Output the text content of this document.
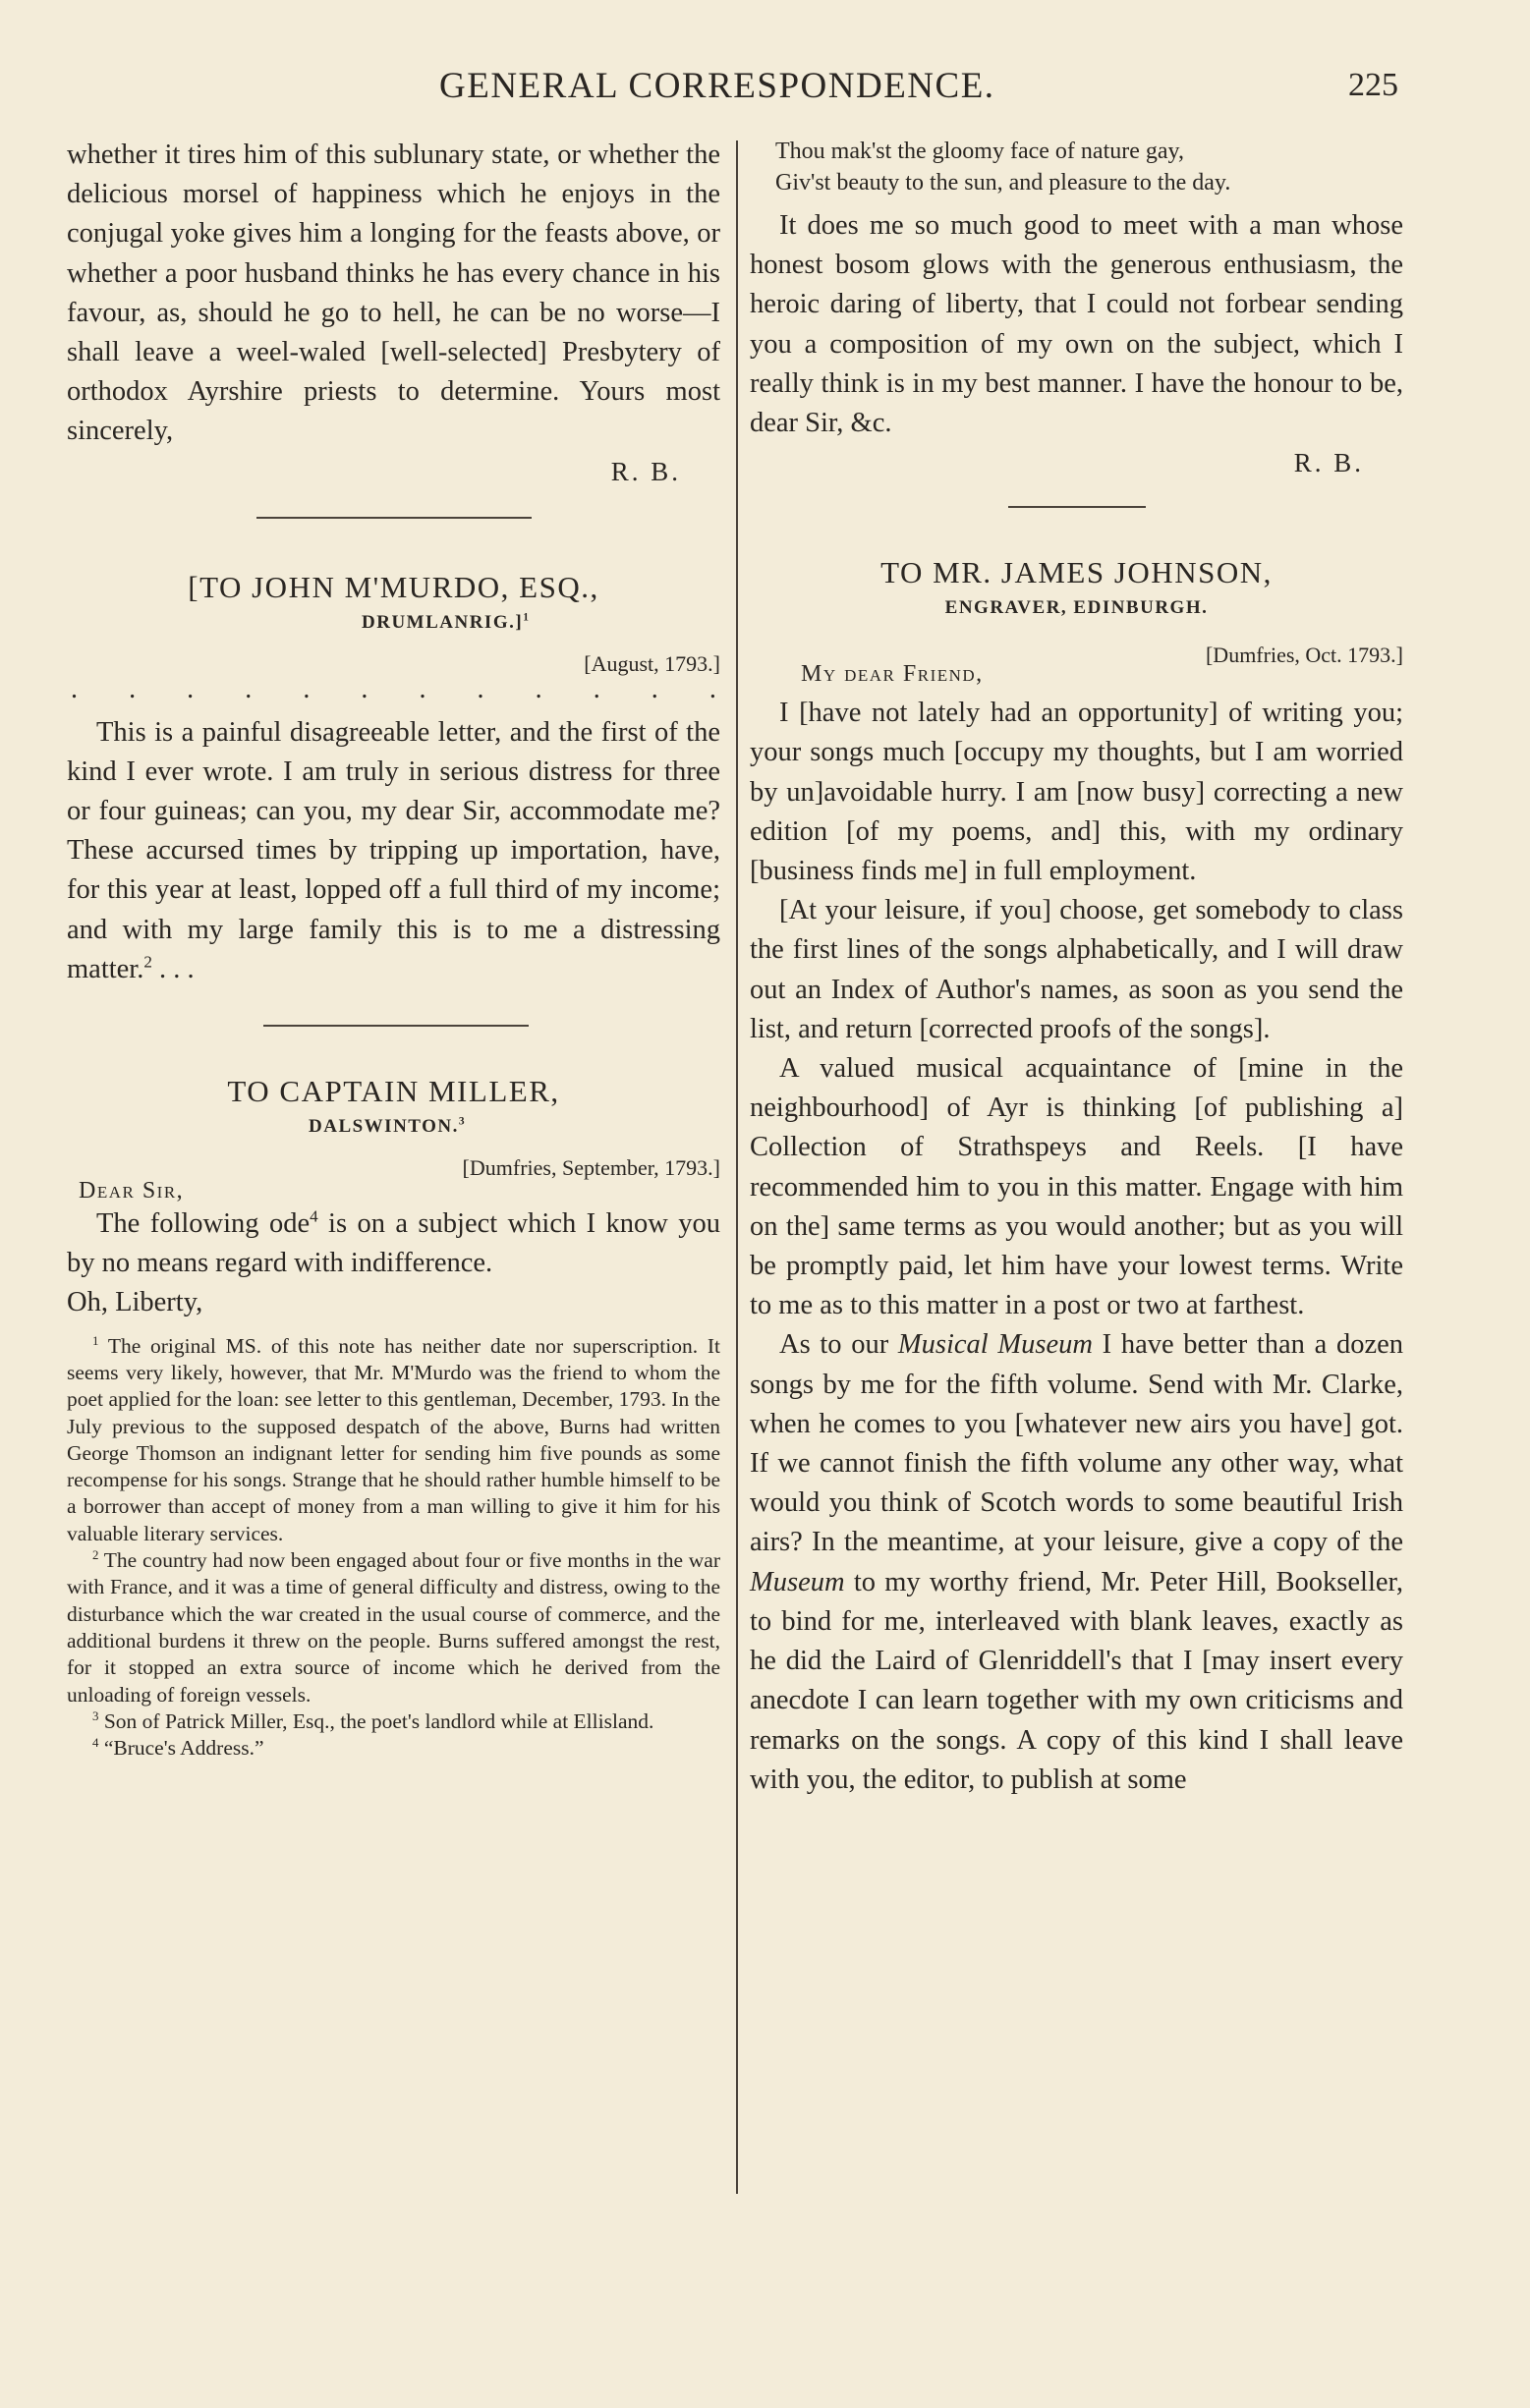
GENERAL CORRESPONDENCE.	225

whether it tires him of this sublunary state, or whether the delicious morsel of happiness which he enjoys in the conjugal yoke gives him a longing for the feasts above, or whether a poor husband thinks he has every chance in his favour, as, should he go to hell, he can be no worse—I shall leave a weel-waled [well-selected] Presbytery of orthodox Ayrshire priests to determine. Yours most sincerely,

R. B.
[TO JOHN M'MURDO, ESQ.,
DRUMLANRIG.]$^1$
[August, 1793.]
. . . . . . . . . . . .

This is a painful disagreeable letter, and the first of the kind I ever wrote. I am truly in serious distress for three or four guineas; can you, my dear Sir, accommodate me? These accursed times by tripping up importation, have, for this year at least, lopped off a full third of my income; and with my large family this is to me a distressing matter.$^2$ . . .

TO CAPTAIN MILLER,
DALSWINTON.$^3$
[Dumfries, September, 1793.]
Dear Sir,

The following ode$^4$ is on a subject which I know you by no means regard with indifference.

Oh, Liberty,

$^1$ The original MS. of this note has neither date nor superscription. It seems very likely, however, that Mr. M'Murdo was the friend to whom the poet applied for the loan: see letter to this gentleman, December, 1793. In the July previous to the supposed despatch of the above, Burns had written George Thomson an indignant letter for sending him five pounds as some recompense for his songs. Strange that he should rather humble himself to be a borrower than accept of money from a man willing to give it him for his valuable literary services.

$^2$ The country had now been engaged about four or five months in the war with France, and it was a time of general difficulty and distress, owing to the disturbance which the war created in the usual course of commerce, and the additional burdens it threw on the people. Burns suffered amongst the rest, for it stopped an extra source of income which he derived from the unloading of foreign vessels.

$^3$ Son of Patrick Miller, Esq., the poet's landlord while at Ellisland.

$^4$ “Bruce's Address.”

Thou mak'st the gloomy face of nature gay,
Giv'st beauty to the sun, and pleasure to the day.

It does me so much good to meet with a man whose honest bosom glows with the generous enthusiasm, the heroic daring of liberty, that I could not forbear sending you a composition of my own on the subject, which I really think is in my best manner. I have the honour to be, dear Sir, &c.

R. B.
TO MR. JAMES JOHNSON,
ENGRAVER, EDINBURGH.
[Dumfries, Oct. 1793.]
My dear Friend,

I [have not lately had an opportunity] of writing you; your songs much [occupy my thoughts, but I am worried by un]avoidable hurry. I am [now busy] correcting a new edition [of my poems, and] this, with my ordinary [business finds me] in full employment.

[At your leisure, if you] choose, get somebody to class the first lines of the songs alphabetically, and I will draw out an Index of Author's names, as soon as you send the list, and return [corrected proofs of the songs].

A valued musical acquaintance of [mine in the neighbourhood] of Ayr is thinking [of publishing a] Collection of Strathspeys and Reels. [I have recommended him to you in this matter. Engage with him on the] same terms as you would another; but as you will be promptly paid, let him have your lowest terms. Write to me as to this matter in a post or two at farthest.

As to our Musical Museum I have better than a dozen songs by me for the fifth volume. Send with Mr. Clarke, when he comes to you [whatever new airs you have] got. If we cannot finish the fifth volume any other way, what would you think of Scotch words to some beautiful Irish airs? In the meantime, at your leisure, give a copy of the Museum to my worthy friend, Mr. Peter Hill, Bookseller, to bind for me, interleaved with blank leaves, exactly as he did the Laird of Glenriddell's that I [may insert every anecdote I can learn together with my own criticisms and remarks on the songs. A copy of this kind I shall leave with you, the editor, to publish at some
